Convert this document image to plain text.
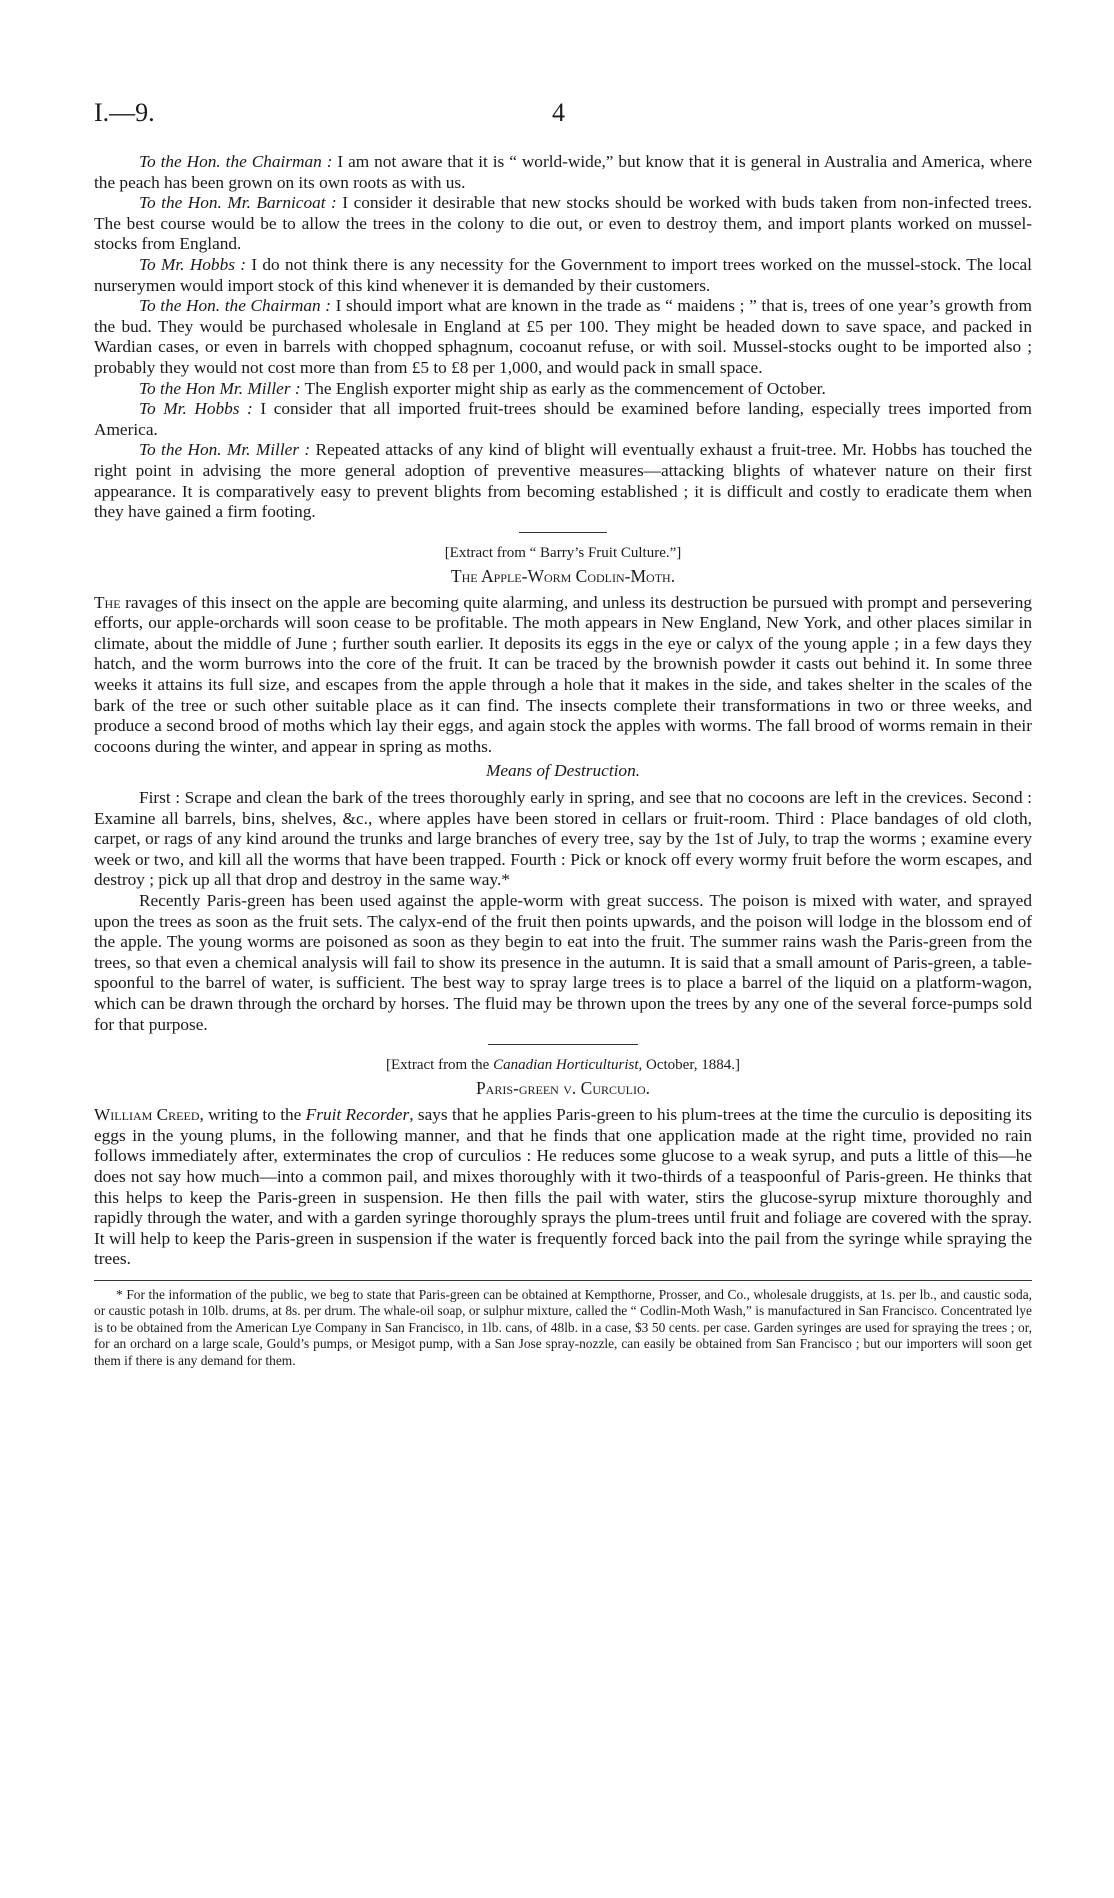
I.—9.	4

To the Hon. the Chairman : I am not aware that it is “ world-wide,” but know that it is general in Australia and America, where the peach has been grown on its own roots as with us.

To the Hon. Mr. Barnicoat : I consider it desirable that new stocks should be worked with buds taken from non-infected trees. The best course would be to allow the trees in the colony to die out, or even to destroy them, and import plants worked on mussel-stocks from England.

To Mr. Hobbs : I do not think there is any necessity for the Government to import trees worked on the mussel-stock. The local nurserymen would import stock of this kind whenever it is demanded by their customers.

To the Hon. the Chairman : I should import what are known in the trade as “ maidens ; ” that is, trees of one year’s growth from the bud. They would be purchased wholesale in England at £5 per 100. They might be headed down to save space, and packed in Wardian cases, or even in barrels with chopped sphagnum, cocoanut refuse, or with soil. Mussel-stocks ought to be imported also ; probably they would not cost more than from £5 to £8 per 1,000, and would pack in small space.

To the Hon Mr. Miller : The English exporter might ship as early as the commencement of October.

To Mr. Hobbs : I consider that all imported fruit-trees should be examined before landing, especially trees imported from America.

To the Hon. Mr. Miller : Repeated attacks of any kind of blight will eventually exhaust a fruit-tree. Mr. Hobbs has touched the right point in advising the more general adoption of preventive measures—attacking blights of whatever nature on their first appearance. It is comparatively easy to prevent blights from becoming established ; it is difficult and costly to eradicate them when they have gained a firm footing.

[Extract from “ Barry’s Fruit Culture.”]
The Apple-Worm Codlin-Moth.

The ravages of this insect on the apple are becoming quite alarming, and unless its destruction be pursued with prompt and persevering efforts, our apple-orchards will soon cease to be profitable. The moth appears in New England, New York, and other places similar in climate, about the middle of June ; further south earlier. It deposits its eggs in the eye or calyx of the young apple ; in a few days they hatch, and the worm burrows into the core of the fruit. It can be traced by the brownish powder it casts out behind it. In some three weeks it attains its full size, and escapes from the apple through a hole that it makes in the side, and takes shelter in the scales of the bark of the tree or such other suitable place as it can find. The insects complete their transformations in two or three weeks, and produce a second brood of moths which lay their eggs, and again stock the apples with worms. The fall brood of worms remain in their cocoons during the winter, and appear in spring as moths.

Means of Destruction.

First : Scrape and clean the bark of the trees thoroughly early in spring, and see that no cocoons are left in the crevices. Second : Examine all barrels, bins, shelves, &c., where apples have been stored in cellars or fruit-room. Third : Place bandages of old cloth, carpet, or rags of any kind around the trunks and large branches of every tree, say by the 1st of July, to trap the worms ; examine every week or two, and kill all the worms that have been trapped. Fourth : Pick or knock off every wormy fruit before the worm escapes, and destroy ; pick up all that drop and destroy in the same way.*

Recently Paris-green has been used against the apple-worm with great success. The poison is mixed with water, and sprayed upon the trees as soon as the fruit sets. The calyx-end of the fruit then points upwards, and the poison will lodge in the blossom end of the apple. The young worms are poisoned as soon as they begin to eat into the fruit. The summer rains wash the Paris-green from the trees, so that even a chemical analysis will fail to show its presence in the autumn. It is said that a small amount of Paris-green, a table-spoonful to the barrel of water, is sufficient. The best way to spray large trees is to place a barrel of the liquid on a platform-wagon, which can be drawn through the orchard by horses. The fluid may be thrown upon the trees by any one of the several force-pumps sold for that purpose.

[Extract from the Canadian Horticulturist, October, 1884.]
Paris-green v. Curculio.

William Creed, writing to the Fruit Recorder, says that he applies Paris-green to his plum-trees at the time the curculio is depositing its eggs in the young plums, in the following manner, and that he finds that one application made at the right time, provided no rain follows immediately after, exterminates the crop of curculios : He reduces some glucose to a weak syrup, and puts a little of this—he does not say how much—into a common pail, and mixes thoroughly with it two-thirds of a teaspoonful of Paris-green. He thinks that this helps to keep the Paris-green in suspension. He then fills the pail with water, stirs the glucose-syrup mixture thoroughly and rapidly through the water, and with a garden syringe thoroughly sprays the plum-trees until fruit and foliage are covered with the spray. It will help to keep the Paris-green in suspension if the water is frequently forced back into the pail from the syringe while spraying the trees.

* For the information of the public, we beg to state that Paris-green can be obtained at Kempthorne, Prosser, and Co., wholesale druggists, at 1s. per lb., and caustic soda, or caustic potash in 10lb. drums, at 8s. per drum. The whale-oil soap, or sulphur mixture, called the “ Codlin-Moth Wash,” is manufactured in San Francisco. Concentrated lye is to be obtained from the American Lye Company in San Francisco, in 1lb. cans, of 48lb. in a case, $3 50 cents. per case. Garden syringes are used for spraying the trees ; or, for an orchard on a large scale, Gould’s pumps, or Mesigot pump, with a San Jose spray-nozzle, can easily be obtained from San Francisco ; but our importers will soon get them if there is any demand for them.
